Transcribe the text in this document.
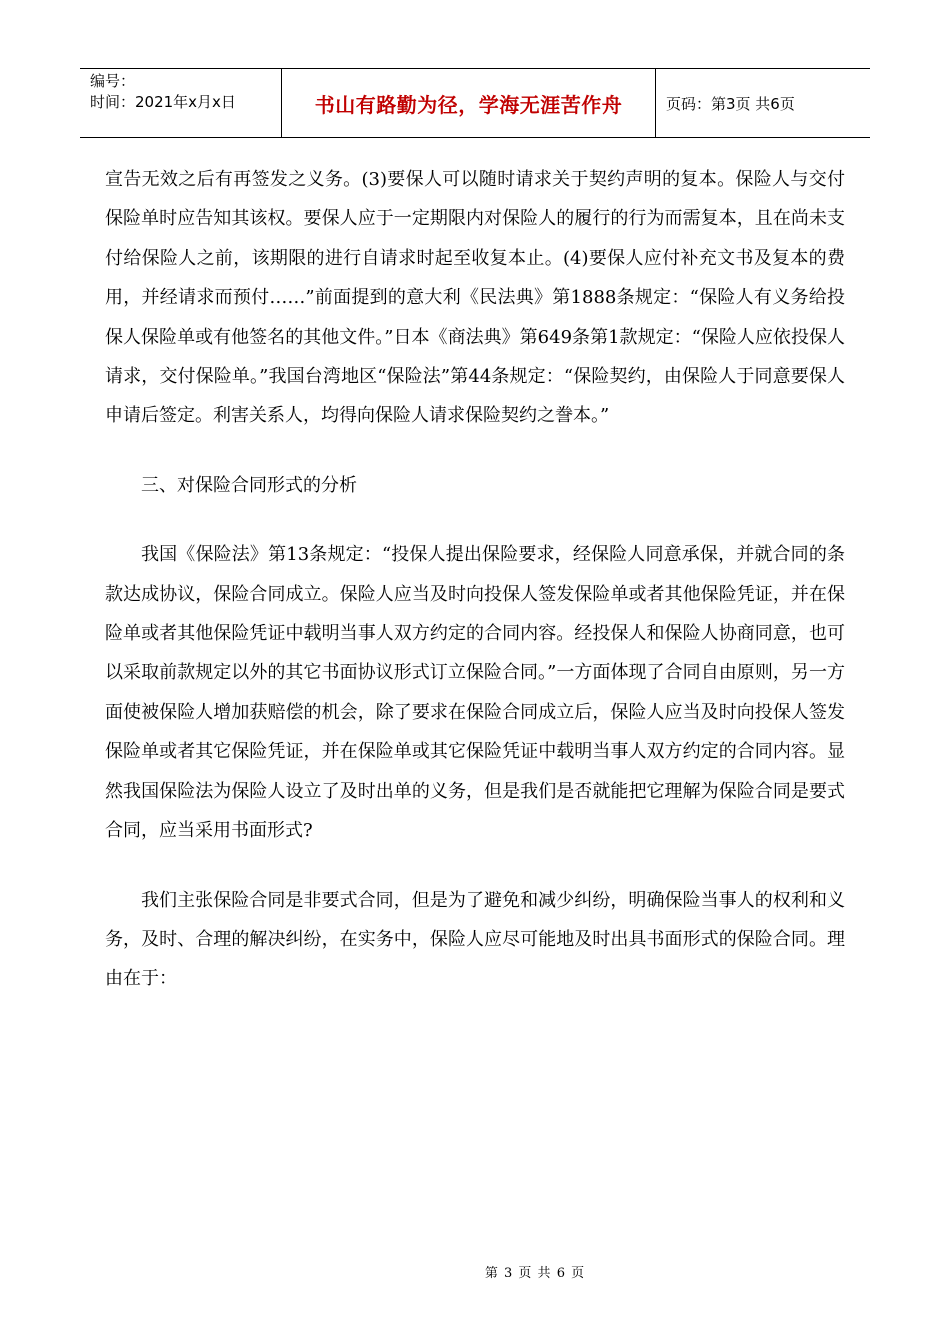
编号：
时间：2021年x月x日	书山有路勤为径，学海无涯苦作舟	页码：第3页 共6页

宣告无效之后有再签发之义务。(3)要保人可以随时请求关于契约声明的复本。保险人与交付保险单时应告知其该权。要保人应于一定期限内对保险人的履行的行为而需复本，且在尚未支付给保险人之前，该期限的进行自请求时起至收复本止。(4)要保人应付补充文书及复本的费用，并经请求而预付……”前面提到的意大利《民法典》第1888条规定：“保险人有义务给投保人保险单或有他签名的其他文件。”日本《商法典》第649条第1款规定：“保险人应依投保人请求，交付保险单。”我国台湾地区“保险法”第44条规定：“保险契约，由保险人于同意要保人申请后签定。利害关系人，均得向保险人请求保险契约之誊本。”

三、对保险合同形式的分析

我国《保险法》第13条规定：“投保人提出保险要求，经保险人同意承保，并就合同的条款达成协议，保险合同成立。保险人应当及时向投保人签发保险单或者其他保险凭证，并在保险单或者其他保险凭证中载明当事人双方约定的合同内容。经投保人和保险人协商同意，也可以采取前款规定以外的其它书面协议形式订立保险合同。”一方面体现了合同自由原则，另一方面使被保险人增加获赔偿的机会，除了要求在保险合同成立后，保险人应当及时向投保人签发保险单或者其它保险凭证，并在保险单或其它保险凭证中载明当事人双方约定的合同内容。显然我国保险法为保险人设立了及时出单的义务，但是我们是否就能把它理解为保险合同是要式合同，应当采用书面形式?

我们主张保险合同是非要式合同，但是为了避免和减少纠纷，明确保险当事人的权利和义务，及时、合理的解决纠纷，在实务中，保险人应尽可能地及时出具书面形式的保险合同。理由在于：

第 3 页 共 6 页
